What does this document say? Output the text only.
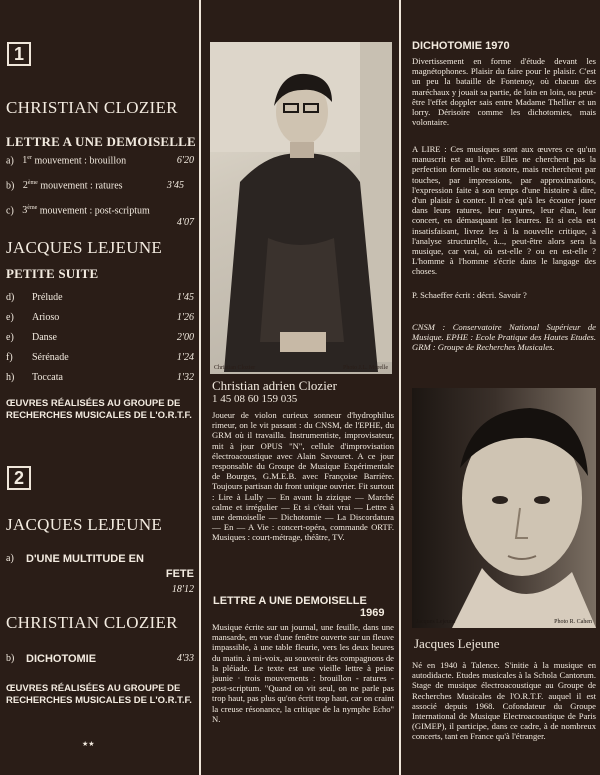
1
CHRISTIAN CLOZIER
LETTRE A UNE DEMOISELLE
a) 1er mouvement : brouillon	6'20
b) 2ème mouvement : ratures	3'45
c) 3ème mouvement : post-scriptum
4'07
JACQUES LEJEUNE
PETITE SUITE
d) Prélude	1'45
e) Arioso	1'26
e) Danse	2'00
f) Sérénade	1'24
h) Toccata	1'32
ŒUVRES RÉALISÉES AU GROUPE DE RECHERCHES MUSICALES DE L'O.R.T.F.
2
JACQUES LEJEUNE
a) D'UNE MULTITUDE EN
FETE
18'12
CHRISTIAN CLOZIER
b) DICHOTOMIE	4'33
ŒUVRES RÉALISÉES AU GROUPE DE RECHERCHES MUSICALES DE L'O.R.T.F.
★★
Christian Clozier	Photo J.L. Morelle
Christian adrien Clozier
1 45 08 60 159 035
Joueur de violon curieux sonneur d'hydrophilus rimeur, on le vit passant : du CNSM, de l'EPHE, du GRM où il travailla. Instrumentiste, improvisateur, mit à jour OPUS "N", cellule d'improvisation électroacoustique avec Alain Savouret. A ce jour responsable du Groupe de Musique Expérimentale de Bourges, G.M.E.B. avec Françoise Barrière. Toujours partisan du front unique ouvrier. Fit surtout : Lire à Lully — En avant la zizique — Marché calme et irrégulier — Et si c'était vrai — Lettre à une demoiselle — Dichotomie — La Discordatura — En — A Vie : concert-opéra, commande ORTF. Musiques : court-métrage, théâtre, TV.
LETTRE A UNE DEMOISELLE
1969
Musique écrite sur un journal, une feuille, dans une mansarde, en vue d'une fenêtre ouverte sur un fleuve impassible, à une table fleurie, vers les deux heures du matin. à mi-voix, au souvenir des compagnons de la pléiade. Le texte est une vieille lettre à peine jaunie · trois mouvements : brouillon - ratures - post-scriptum. "Quand on vit seul, on ne parle pas trop haut, pas plus qu'on écrit trop haut, car on craint la creuse résonance, la critique de la nymphe Echo" N.
DICHOTOMIE 1970
Divertissement en forme d'étude devant les magnétophones. Plaisir du faire pour le plaisir. C'est un peu la bataille de Fontenoy, où chacun des maréchaux y jouait sa partie, de loin en loin, ou peut-être l'effet doppler sais entre Madame Thellier et un lorry. Dérisoire comme les dichotomies, mais volontaire.
A LIRE : Ces musiques sont aux œuvres ce qu'un manuscrit est au livre. Elles ne cherchent pas la perfection formelle ou sonore, mais recherchent par touches, par impressions, par approximations, l'expression faite à son temps d'une histoire à dire, d'un plaisir à conter. Il n'est qu'à les écouter jouer dans leurs ratures, leur rayures, leur élan, leur concert, en démasquant les leurres. Et si cela est insatisfaisant, livrez les à la nouvelle critique, à l'analyse structurelle, à..., peut-être alors sera la musique, car vrai, où est-elle ? ou en est-elle ? L'homme à l'homme s'écrie dans le langage des choses.
P. Schaeffer écrit : décri. Savoir ?
CNSM : Conservatoire National Supérieur de Musique. EPHE : Ecole Pratique des Hautes Etudes. GRM : Groupe de Recherches Musicales.
Jacques Lejeune	Photo R. Cahen
Jacques Lejeune
Né en 1940 à Talence. S'initie à la musique en autodidacte. Etudes musicales à la Schola Cantorum. Stage de musique électroacoustique au Groupe de Recherches Musicales de l'O.R.T.F. auquel il est associé depuis 1968. Cofondateur du Groupe International de Musique Electroacoustique de Paris (GIMEP), il participe, dans ce cadre, à de nombreux concerts, tant en France qu'à l'étranger.
